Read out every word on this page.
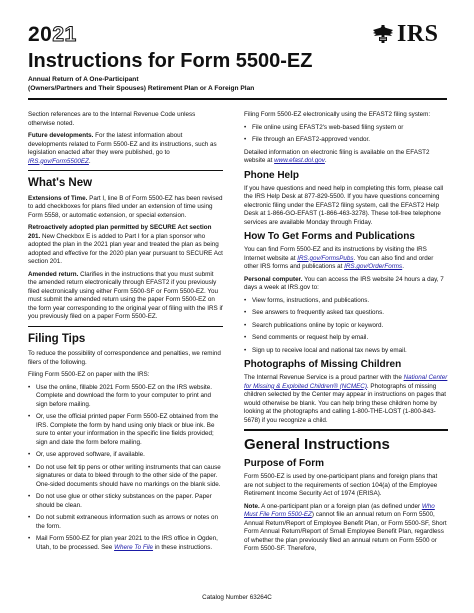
2021	IRS
Instructions for Form 5500-EZ
Annual Return of A One-Participant
(Owners/Partners and Their Spouses) Retirement Plan or A Foreign Plan

Section references are to the Internal Revenue Code unless otherwise noted.

Future developments. For the latest information about developments related to Form 5500-EZ and its instructions, such as legislation enacted after they were published, go to IRS.gov/Form5500EZ.

What's New

Extensions of Time. Part I, line B of Form 5500-EZ has been revised to add checkboxes for plans filed under an extension of time using Form 5558, or automatic extension, or special extension.

Retroactively adopted plan permitted by SECURE Act section 201. New Checkbox E is added to Part I for a plan sponsor who adopted the plan in the 2021 plan year and treated the plan as being adopted and effective for the 2020 plan year pursuant to SECURE Act section 201.

Amended return. Clarifies in the instructions that you must submit the amended return electronically through EFAST2 if you previously filed electronically using either Form 5500-SF or Form 5500-EZ. You must submit the amended return using the paper Form 5500-EZ on the form year corresponding to the original year of filing with the IRS if you previously filed on a paper Form 5500-EZ.

Filing Tips

To reduce the possibility of correspondence and penalties, we remind filers of the following.

Filing Form 5500-EZ on paper with the IRS:

• Use the online, fillable 2021 Form 5500-EZ on the IRS website. Complete and download the form to your computer to print and sign before mailing.
• Or, use the official printed paper Form 5500-EZ obtained from the IRS. Complete the form by hand using only black or blue ink. Be sure to enter your information in the specific line fields provided; sign and date the form before mailing.
• Or, use approved software, if available.
• Do not use felt tip pens or other writing instruments that can cause signatures or data to bleed through to the other side of the paper. One-sided documents should have no markings on the blank side.
• Do not use glue or other sticky substances on the paper. Paper should be clean.
• Do not submit extraneous information such as arrows or notes on the form.
• Mail Form 5500-EZ for plan year 2021 to the IRS office in Ogden, Utah, to be processed. See Where To File in these instructions.

Filing Form 5500-EZ electronically using the EFAST2 filing system:

• File online using EFAST2's web-based filing system or
• File through an EFAST2-approved vendor.

Detailed information on electronic filing is available on the EFAST2 website at www.efast.dol.gov.

Phone Help

If you have questions and need help in completing this form, please call the IRS Help Desk at 877-829-5500. If you have questions concerning electronic filing under the EFAST2 filing system, call the EFAST2 Help Desk at 1-866-GO-EFAST (1-866-463-3278). These toll-free telephone services are available Monday through Friday.

How To Get Forms and Publications

You can find Form 5500-EZ and its instructions by visiting the IRS Internet website at IRS.gov/FormsPubs. You can also find and order other IRS forms and publications at IRS.gov/OrderForms.

Personal computer. You can access the IRS website 24 hours a day, 7 days a week at IRS.gov to:

• View forms, instructions, and publications.
• See answers to frequently asked tax questions.
• Search publications online by topic or keyword.
• Send comments or request help by email.
• Sign up to receive local and national tax news by email.
Photographs of Missing Children

The Internal Revenue Service is a proud partner with the National Center for Missing & Exploited Children® (NCMEC). Photographs of missing children selected by the Center may appear in instructions on pages that would otherwise be blank. You can help bring these children home by looking at the photographs and calling 1-800-THE-LOST (1-800-843-5678) if you recognize a child.

General Instructions
Purpose of Form

Form 5500-EZ is used by one-participant plans and foreign plans that are not subject to the requirements of section 104(a) of the Employee Retirement Income Security Act of 1974 (ERISA).

Note. A one-participant plan or a foreign plan (as defined under Who Must File Form 5500-EZ) cannot file an annual return on Form 5500, Annual Return/Report of Employee Benefit Plan, or Form 5500-SF, Short Form Annual Return/Report of Small Employee Benefit Plan, regardless of whether the plan previously filed an annual return on Form 5500 or Form 5500-SF. Therefore,

Catalog Number 63264C
